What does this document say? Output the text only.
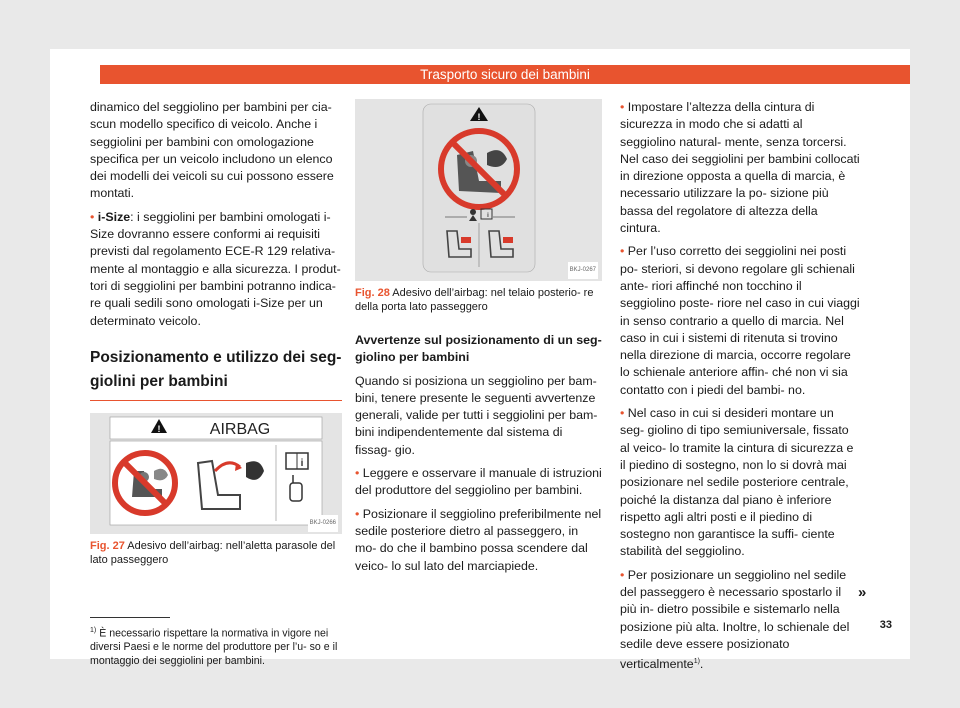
Trasporto sicuro dei bambini

dinamico del seggiolino per bambini per cia- scun modello specifico di veicolo. Anche i seggiolini per bambini con omologazione specifica per un veicolo includono un elenco dei modelli dei veicoli su cui possono essere montati.

• i-Size: i seggiolini per bambini omologati i- Size dovranno essere conformi ai requisiti previsti dal regolamento ECE-R 129 relativa- mente al montaggio e alla sicurezza. I produt- tori di seggiolini per bambini potranno indica- re quali sedili sono omologati i-Size per un determinato veicolo.

Posizionamento e utilizzo dei seg- giolini per bambini
!	AIRBAG
i
BKJ-0266
Fig. 27 Adesivo dell’airbag: nell’aletta parasole del lato passeggero
!
i
BKJ-0267
Fig. 28 Adesivo dell’airbag: nel telaio posterio- re della porta lato passeggero

Avvertenze sul posizionamento di un seg- giolino per bambini

Quando si posiziona un seggiolino per bam- bini, tenere presente le seguenti avvertenze generali, valide per tutti i seggiolini per bam- bini indipendentemente dal sistema di fissag- gio.

• Leggere e osservare il manuale di istruzioni del produttore del seggiolino per bambini.

• Posizionare il seggiolino preferibilmente nel sedile posteriore dietro al passeggero, in mo- do che il bambino possa scendere dal veico- lo sul lato del marciapiede.

• Impostare l’altezza della cintura di sicurezza in modo che si adatti al seggiolino natural- mente, senza torcersi. Nel caso dei seggiolini per bambini collocati in direzione opposta a quella di marcia, è necessario utilizzare la po- sizione più bassa del regolatore di altezza della cintura.

• Per l’uso corretto dei seggiolini nei posti po- steriori, si devono regolare gli schienali ante- riori affinché non tocchino il seggiolino poste- riore nel caso in cui viaggi in senso contrario a quello di marcia. Nel caso in cui i sistemi di ritenuta si trovino nella direzione di marcia, occorre regolare lo schienale anteriore affin- ché non vi sia contatto con i piedi del bambi- no.

• Nel caso in cui si desideri montare un seg- giolino di tipo semiuniversale, fissato al veico- lo tramite la cintura di sicurezza e il piedino di sostegno, non lo si dovrà mai posizionare nel sedile posteriore centrale, poiché la distanza dal piano è inferiore rispetto agli altri posti e il piedino di sostegno non garantisce la suffi- ciente stabilità del seggiolino.

• Per posizionare un seggiolino nel sedile del passeggero è necessario spostarlo il più in- dietro possibile e sistemarlo nella posizione più alta. Inoltre, lo schienale del sedile deve essere posizionato verticalmente$^{1)}$.

»
$^{1)}$ È necessario rispettare la normativa in vigore nei diversi Paesi e le norme del produttore per l’u- so e il montaggio dei seggiolini per bambini.
33
